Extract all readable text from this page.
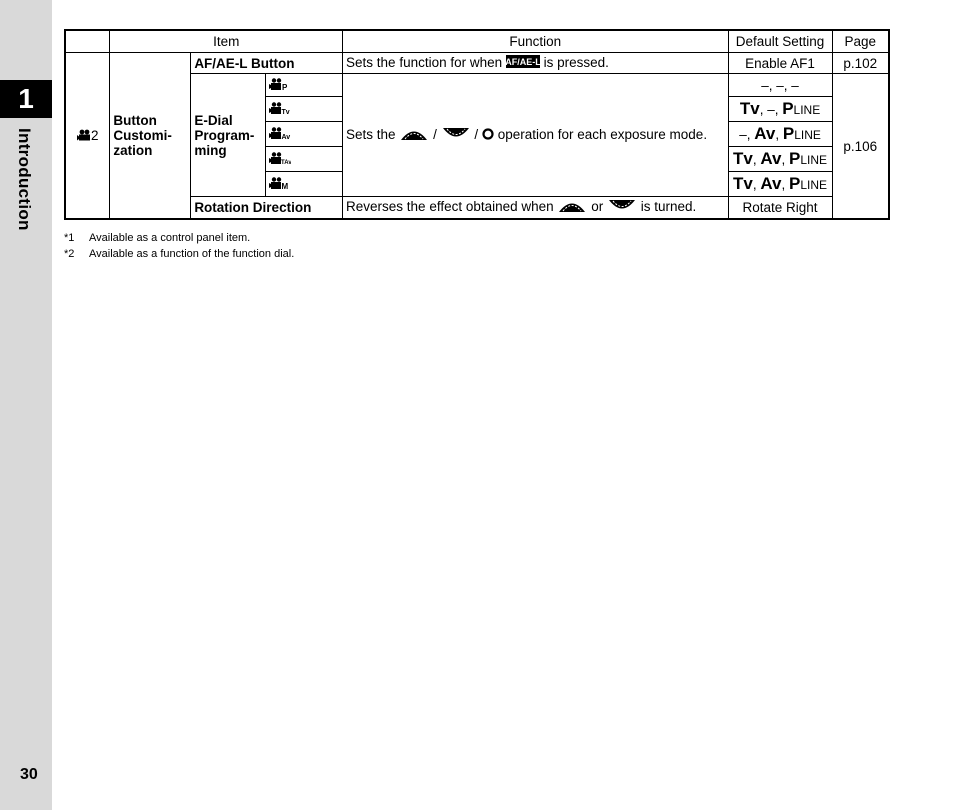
1
Introduction
30
	Item			Function	Default Setting	Page
2	Button Customi- zation	AF/AE-L Button		Sets the function for when AF/AE-L is pressed.	Enable AF1	p.102
		E-Dial Program- ming	P	Sets the / / operation for each exposure mode.	–, –, –	p.106

Tv		Tv, –, PLINE	

Av		–, Av, PLINE	

TAv		Tv, Av, PLINE	

M		Tv, Av, PLINE	
		Rotation Direction		Reverses the effect obtained when or is turned.	Rotate Right	
*1 Available as a control panel item.
*2 Available as a function of the function dial.
